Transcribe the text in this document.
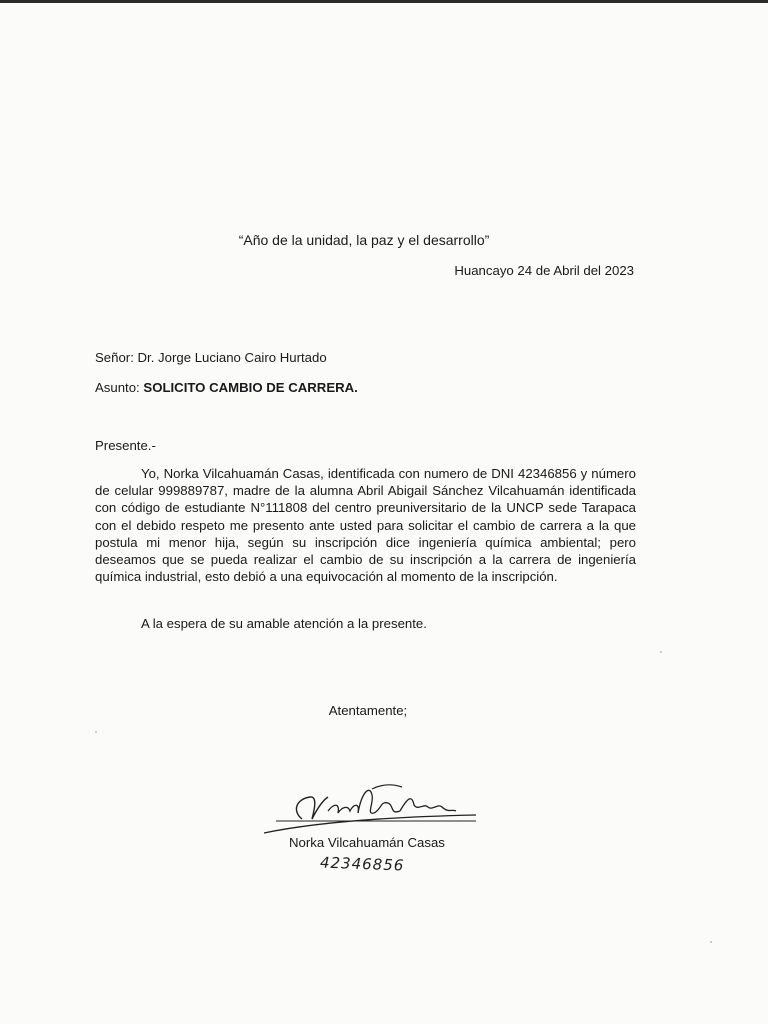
“Año de la unidad, la paz y el desarrollo”
Huancayo 24 de Abril del 2023
Señor: Dr. Jorge Luciano Cairo Hurtado
Asunto: SOLICITO CAMBIO DE CARRERA.
Presente.-
Yo, Norka Vilcahuamán Casas, identificada con numero de DNI 42346856 y número de celular 999889787, madre de la alumna Abril Abigail Sánchez Vilcahuamán identificada con código de estudiante N°111808 del centro preuniversitario de la UNCP sede Tarapaca con el debido respeto me presento ante usted para solicitar el cambio de carrera a la que postula mi menor hija, según su inscripción dice ingeniería química ambiental; pero deseamos que se pueda realizar el cambio de su inscripción a la carrera de ingeniería química industrial, esto debió a una equivocación al momento de la inscripción.
A la espera de su amable atención a la presente.
Atentamente;
Norka Vilcahuamán Casas
42346856
